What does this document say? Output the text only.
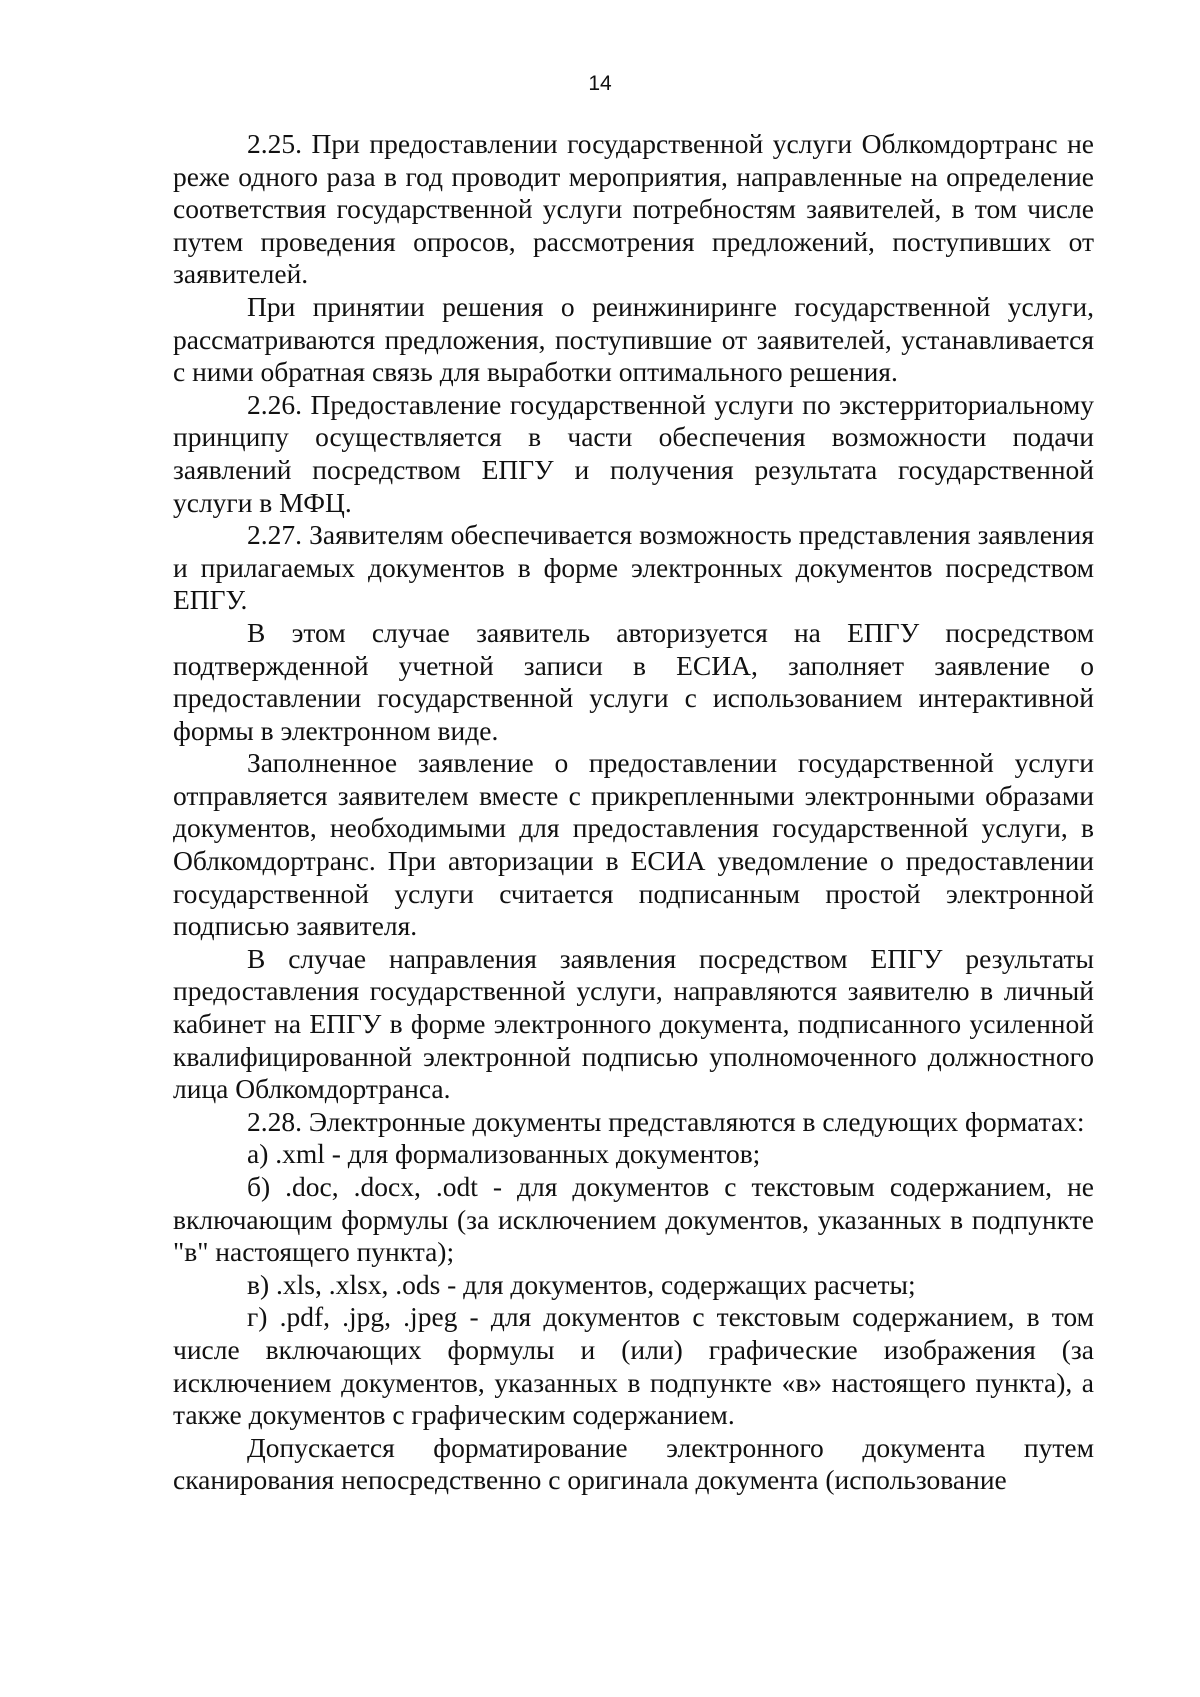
14

2.25. При предоставлении государственной услуги Облкомдортранс не реже одного раза в год проводит мероприятия, направленные на определение соответствия государственной услуги потребностям заявителей, в том числе путем проведения опросов, рассмотрения предложений, поступивших от заявителей.

При принятии решения о реинжиниринге государственной услуги, рассматриваются предложения, поступившие от заявителей, устанавливается с ними обратная связь для выработки оптимального решения.

2.26. Предоставление государственной услуги по экстерриториальному принципу осуществляется в части обеспечения возможности подачи заявлений посредством ЕПГУ и получения результата государственной услуги в МФЦ.

2.27. Заявителям обеспечивается возможность представления заявления и прилагаемых документов в форме электронных документов посредством ЕПГУ.

В этом случае заявитель авторизуется на ЕПГУ посредством подтвержденной учетной записи в ЕСИА, заполняет заявление о предоставлении государственной услуги с использованием интерактивной формы в электронном виде.

Заполненное заявление о предоставлении государственной услуги отправляется заявителем вместе с прикрепленными электронными образами документов, необходимыми для предоставления государственной услуги, в Облкомдортранс. При авторизации в ЕСИА уведомление о предоставлении государственной услуги считается подписанным простой электронной подписью заявителя.

В случае направления заявления посредством ЕПГУ результаты предоставления государственной услуги, направляются заявителю в личный кабинет на ЕПГУ в форме электронного документа, подписанного усиленной квалифицированной электронной подписью уполномоченного должностного лица Облкомдортранса.

2.28. Электронные документы представляются в следующих форматах:

а) .xml - для формализованных документов;

б) .doc, .docx, .odt - для документов с текстовым содержанием, не включающим формулы (за исключением документов, указанных в подпункте "в" настоящего пункта);

в) .xls, .xlsx, .ods - для документов, содержащих расчеты;

г) .pdf, .jpg, .jpeg - для документов с текстовым содержанием, в том числе включающих формулы и (или) графические изображения (за исключением документов, указанных в подпункте «в» настоящего пункта), а также документов с графическим содержанием.

Допускается форматирование электронного документа путем сканирования непосредственно с оригинала документа (использование
